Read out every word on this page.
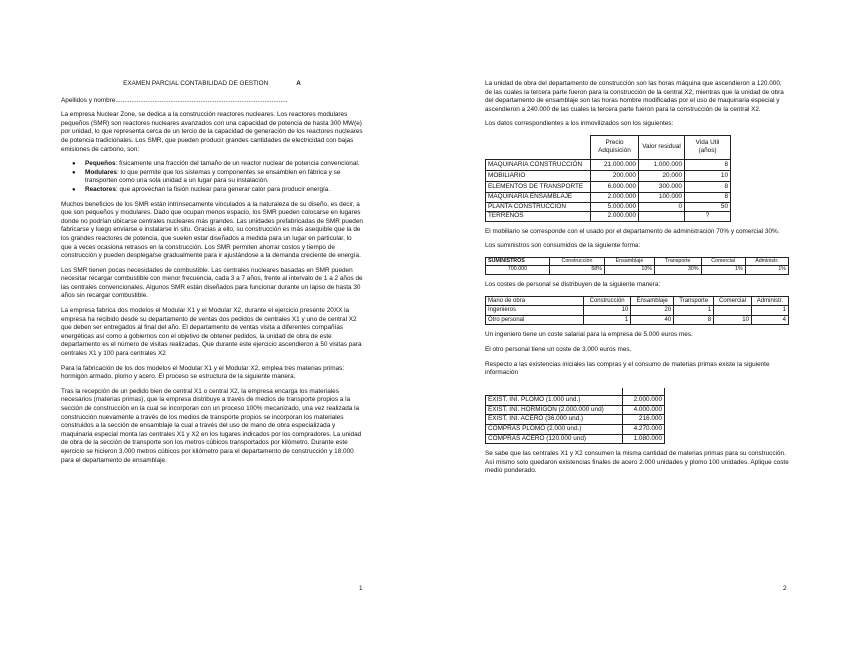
EXAMEN PARCIAL CONTABILIDAD DE GESTION	A

Apellidos y nombre.................................................................................................

La empresa Nuclear Zone, se dedica a la construcción reactores nucleares. Los reactores modulares pequeños (SMR) son reactores nucleares avanzados con una capacidad de potencia de hasta 300 MW(e) por unidad, lo que representa cerca de un tercio de la capacidad de generación de los reactores nucleares de potencia tradicionales. Los SMR, que pueden producir grandes cantidades de electricidad con bajas emisiones de carbono, son:

● Pequeños: físicamente una fracción del tamaño de un reactor nuclear de potencia convencional.
● Modulares: lo que permite que los sistemas y componentes se ensamblen en fábrica y se transporten como una sola unidad a un lugar para su instalación.
● Reactores: que aprovechan la fisión nuclear para generar calor para producir energía.

Muchos beneficios de los SMR están intrínsecamente vinculados a la naturaleza de su diseño, es decir, a que son pequeños y modulares. Dado que ocupan menos espacio, los SMR pueden colocarse en lugares donde no podrían ubicarse centrales nucleares más grandes. Las unidades prefabricadas de SMR pueden fabricarse y luego enviarse e instalarse in situ. Gracias a ello, su construcción es más asequible que la de los grandes reactores de potencia, que suelen estar diseñados a medida para un lugar en particular, lo que a veces ocasiona retrasos en la construcción. Los SMR permiten ahorrar costos y tiempo de construcción y pueden desplegarse gradualmente para ir ajustándose a la demanda creciente de energía.

Los SMR tienen pocas necesidades de combustible. Las centrales nucleares basadas en SMR pueden necesitar recargar combustible con menor frecuencia, cada 3 a 7 años, frente al intervalo de 1 a 2 años de las centrales convencionales. Algunos SMR están diseñados para funcionar durante un lapso de hasta 30 años sin recargar combustible.

La empresa fabrica dos modelos el Modular X1 y el Modular X2, durante el ejercicio presente 20XX la empresa ha recibido desde su departamento de ventas dos pedidos de centrales X1 y uno de central X2 que deben ser entregados al final del año. El departamento de ventas visita a diferentes compañías energéticas así como a gobiernos con el objetivo de obtener pedidos, la unidad de obra de este departamento es el número de visitas realizadas. Que durante este ejercicio ascendieron a 50 visitas para centrales X1 y 100 para centrales X2

Para la fabricación de los dos modelos el Modular X1 y el Modular X2, emplea tres materias primas: hormigón armado, plomo y acero. El proceso se estructura de la siguiente manera.

Tras la recepción de un pedido bien de central X1 o central X2, la empresa encarga los materiales necesarios (materias primas), que la empresa distribuye a través de medios de transporte propios a la sección de construcción en la cual se incorporan con un proceso 100% mecanizado, una vez realizada la construcción nuevamente a través de los medios de transporte propios se incorporan los materiales construidos a la sección de ensamblaje la cual a través del uso de mano de obra especializada y maquinaria especial monta las centrales X1 y X2 en los lugares indicados por los compradores. La unidad de obra de la sección de transporte son los metros cúbicos transportados por kilómetro. Durante este ejercicio se hicieron 3.000 metros cúbicos por kilómetro para el departamento de construcción y 18.000 para el departamento de ensamblaje.

1

La unidad de obra del departamento de construcción son las horas máquina que ascendieron a 120.000, de las cuales la tercera parte fueron para la construcción de la central X2, mientras que la unidad de obra del departamento de ensamblaje son las horas hombre modificadas por el uso de maquinaria especial y ascendieron a 240.000 de las cuales la tercera parte fueron para la construcción de la central X2.

Los datos correspondientes a los inmovilizados son los siguientes:

	Precio Adquisición	Valor residual	Vida Util (años)
MAQUINARIA CONSTRUCCIÓN	21.000.000	1.000.000	8
MOBILIARIO	200.000	20.000	10
ELEMENTOS DE TRANSPORTE	6.000.000	300.000	8
MAQUINARIA ENSAMBLAJE	2.000.000	100.000	8
PLANTA CONSTRUCCIÓN	5.000.000	0	50
TERRENOS	2.000.000		?

El mobiliario se corresponde con el usado por el departamento de administración 70% y comercial 30%.

Los suministros son consumidos de la siguiente forma:

SUMINISTROS	Construcción	Ensamblaje	Transporte	Comercial	Administr.
700.000	58%	10%	30%	1%	1%

Los costes de personal se distribuyen de la siguiente manera:

Mano de obra	Construcción	Ensamblaje	Transporte	Comercial	Administr.
Ingenieros	10	20	1		1
Otro personal	1	40	8	10	4

Un ingeniero tiene un coste salarial para la empresa de 5.000 euros mes.

El otro personal tiene un coste de 3.000 euros mes.

Respecto a las existencias iniciales las compras y el consumo de materias primas existe la siguiente información

EXIST. INI. PLOMO (1.000 und.)	2.000.000
EXIST. INI. HORMIGÓN (2.000.000 und)	4.000.000
EXIST. INI. ACERO (36.000 und.)	216.000
COMPRAS PLOMO (2.000 und.)	4.270.000
COMPRAS ACERO (120.000 und)	1.080.000

Se sabe que las centrales X1 y X2 consumen la misma cantidad de materias primas para su construcción. Así mismo solo quedaron existencias finales de acero 2.000 unidades y plomo 100 unidades. Aplique coste medio ponderado.

2
